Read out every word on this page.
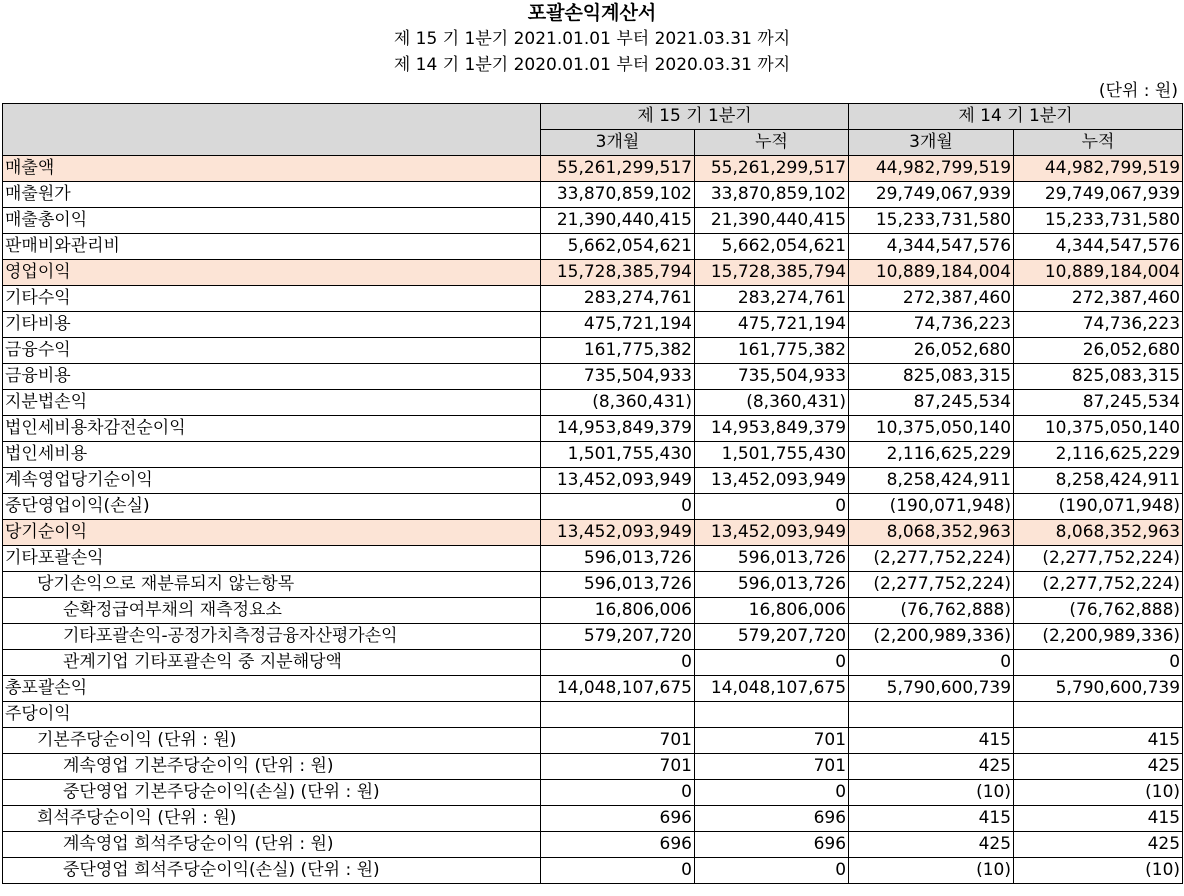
포괄손익계산서
제 15 기 1분기 2021.01.01 부터 2021.03.31 까지
제 14 기 1분기 2020.01.01 부터 2020.03.31 까지
(단위 : 원)
	제 15 기 1분기		제 14 기 1분기	
	3개월	누적	3개월	누적
매출액	55,261,299,517	55,261,299,517	44,982,799,519	44,982,799,519
매출원가	33,870,859,102	33,870,859,102	29,749,067,939	29,749,067,939
매출총이익	21,390,440,415	21,390,440,415	15,233,731,580	15,233,731,580
판매비와관리비	5,662,054,621	5,662,054,621	4,344,547,576	4,344,547,576
영업이익	15,728,385,794	15,728,385,794	10,889,184,004	10,889,184,004
기타수익	283,274,761	283,274,761	272,387,460	272,387,460
기타비용	475,721,194	475,721,194	74,736,223	74,736,223
금융수익	161,775,382	161,775,382	26,052,680	26,052,680
금융비용	735,504,933	735,504,933	825,083,315	825,083,315
지분법손익	(8,360,431)	(8,360,431)	87,245,534	87,245,534
법인세비용차감전순이익	14,953,849,379	14,953,849,379	10,375,050,140	10,375,050,140
법인세비용	1,501,755,430	1,501,755,430	2,116,625,229	2,116,625,229
계속영업당기순이익	13,452,093,949	13,452,093,949	8,258,424,911	8,258,424,911
중단영업이익(손실)	0	0	(190,071,948)	(190,071,948)
당기순이익	13,452,093,949	13,452,093,949	8,068,352,963	8,068,352,963
기타포괄손익	596,013,726	596,013,726	(2,277,752,224)	(2,277,752,224)
당기손익으로 재분류되지 않는항목	596,013,726	596,013,726	(2,277,752,224)	(2,277,752,224)
순확정급여부채의 재측정요소	16,806,006	16,806,006	(76,762,888)	(76,762,888)
기타포괄손익-공정가치측정금융자산평가손익	579,207,720	579,207,720	(2,200,989,336)	(2,200,989,336)
관계기업 기타포괄손익 중 지분해당액	0	0	0	0
총포괄손익	14,048,107,675	14,048,107,675	5,790,600,739	5,790,600,739
주당이익				
기본주당순이익 (단위 : 원)	701	701	415	415
계속영업 기본주당순이익 (단위 : 원)	701	701	425	425
중단영업 기본주당순이익(손실) (단위 : 원)	0	0	(10)	(10)
희석주당순이익 (단위 : 원)	696	696	415	415
계속영업 희석주당순이익 (단위 : 원)	696	696	425	425
중단영업 희석주당순이익(손실) (단위 : 원)	0	0	(10)	(10)
